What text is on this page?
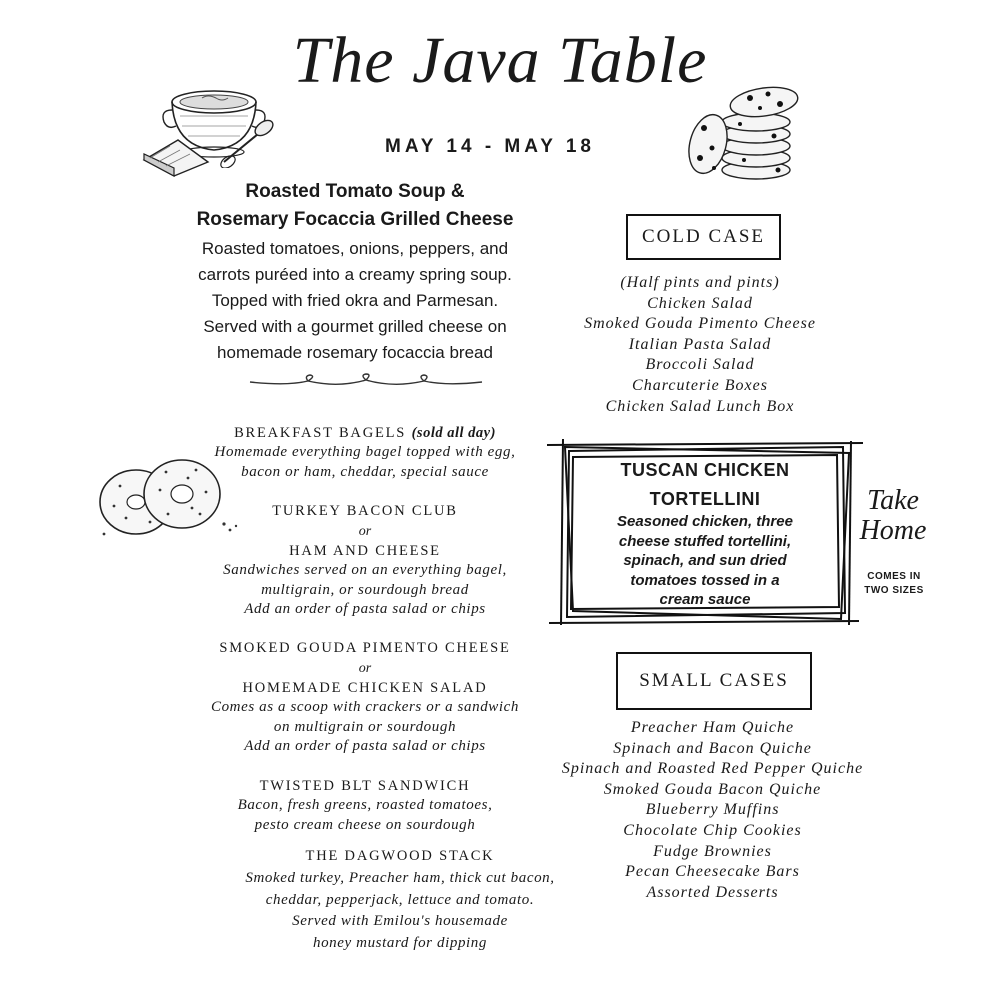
The Java Table
MAY 14 - MAY 18
Roasted Tomato Soup &
Rosemary Focaccia Grilled Cheese
Roasted tomatoes, onions, peppers, and
carrots puréed into a creamy spring soup.
Topped with fried okra and Parmesan.
Served with a gourmet grilled cheese on
homemade rosemary focaccia bread
COLD CASE
(Half pints and pints)
Chicken Salad
Smoked Gouda Pimento Cheese
Italian Pasta Salad
Broccoli Salad
Charcuterie Boxes
Chicken Salad Lunch Box
BREAKFAST BAGELS (sold all day)
Homemade everything bagel topped with egg,
bacon or ham, cheddar, special sauce
TURKEY BACON CLUB
or
HAM AND CHEESE
Sandwiches served on an everything bagel,
multigrain, or sourdough bread
Add an order of pasta salad or chips
SMOKED GOUDA PIMENTO CHEESE
or
HOMEMADE CHICKEN SALAD
Comes as a scoop with crackers or a sandwich
on multigrain or sourdough
Add an order of pasta salad or chips
TWISTED BLT SANDWICH
Bacon, fresh greens, roasted tomatoes,
pesto cream cheese on sourdough
THE DAGWOOD STACK
Smoked turkey, Preacher ham, thick cut bacon,
cheddar, pepperjack, lettuce and tomato.
Served with Emilou's housemade
honey mustard for dipping
TUSCAN CHICKEN
TORTELLINI
Seasoned chicken, three
cheese stuffed tortellini,
spinach, and sun dried
tomatoes tossed in a
cream sauce
Take
Home
COMES IN
TWO SIZES
SMALL CASES
Preacher Ham Quiche
Spinach and Bacon Quiche
Spinach and Roasted Red Pepper Quiche
Smoked Gouda Bacon Quiche
Blueberry Muffins
Chocolate Chip Cookies
Fudge Brownies
Pecan Cheesecake Bars
Assorted Desserts
